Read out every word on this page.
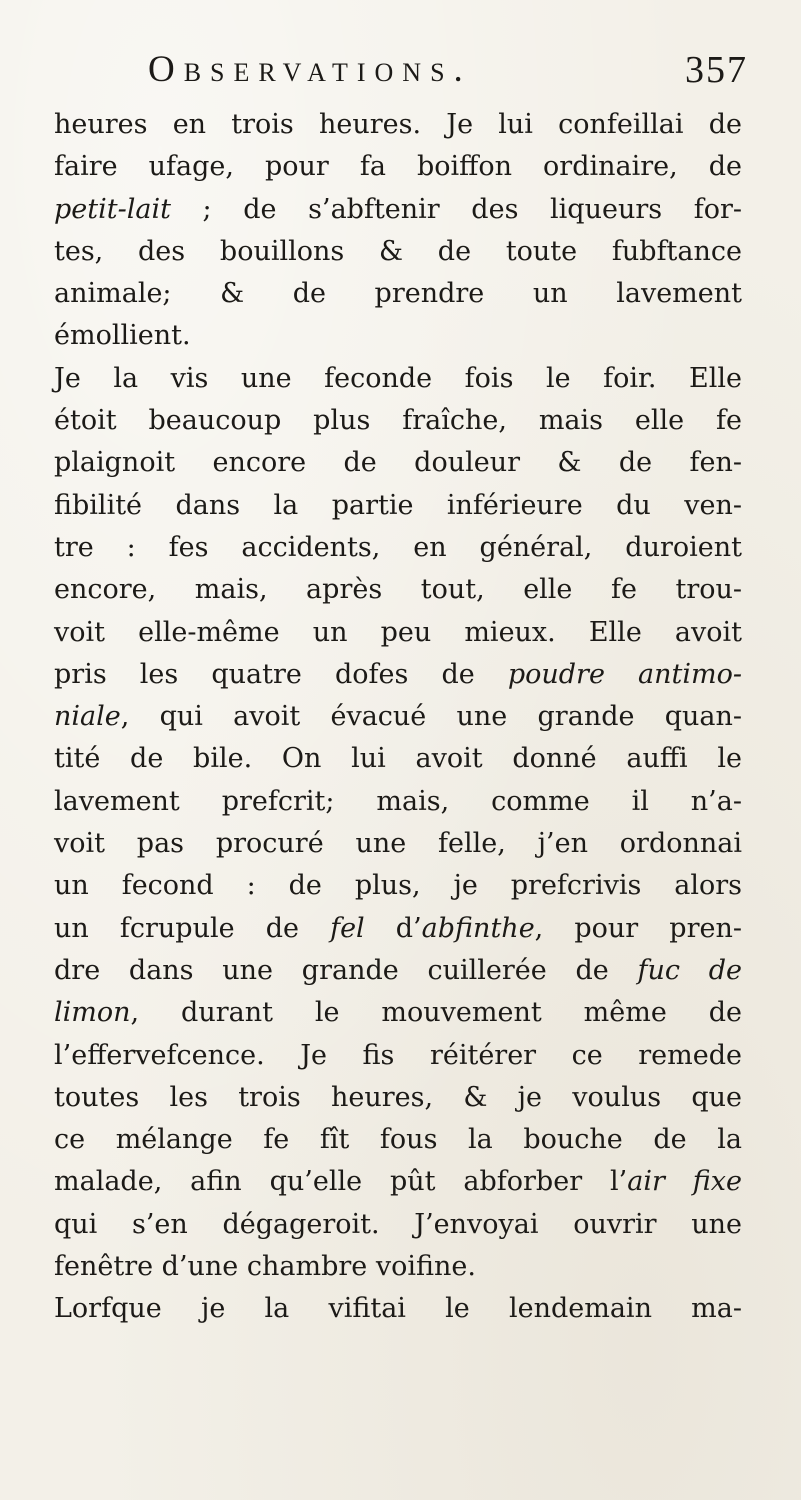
Observations.	357
heures en trois heures. Je lui confeillai de
faire ufage, pour fa boiffon ordinaire, de
petit-lait ; de s’abftenir des liqueurs for-
tes, des bouillons & de toute fubftance
animale; & de prendre un lavement
émollient.
Je la vis une feconde fois le foir. Elle
étoit beaucoup plus fraîche, mais elle fe
plaignoit encore de douleur & de fen-
fibilité dans la partie inférieure du ven-
tre : fes accidents, en général, duroient
encore, mais, après tout, elle fe trou-
voit elle-même un peu mieux. Elle avoit
pris les quatre dofes de poudre antimo-
niale, qui avoit évacué une grande quan-
tité de bile. On lui avoit donné auffi le
lavement prefcrit; mais, comme il n’a-
voit pas procuré une felle, j’en ordonnai
un fecond : de plus, je prefcrivis alors
un fcrupule de fel d’abfinthe, pour pren-
dre dans une grande cuillerée de fuc de
limon, durant le mouvement même de
l’effervefcence. Je fis réitérer ce remede
toutes les trois heures, & je voulus que
ce mélange fe fît fous la bouche de la
malade, afin qu’elle pût abforber l’air fixe
qui s’en dégageroit. J’envoyai ouvrir une
fenêtre d’une chambre voifine.
Lorfque je la vifitai le lendemain ma-
